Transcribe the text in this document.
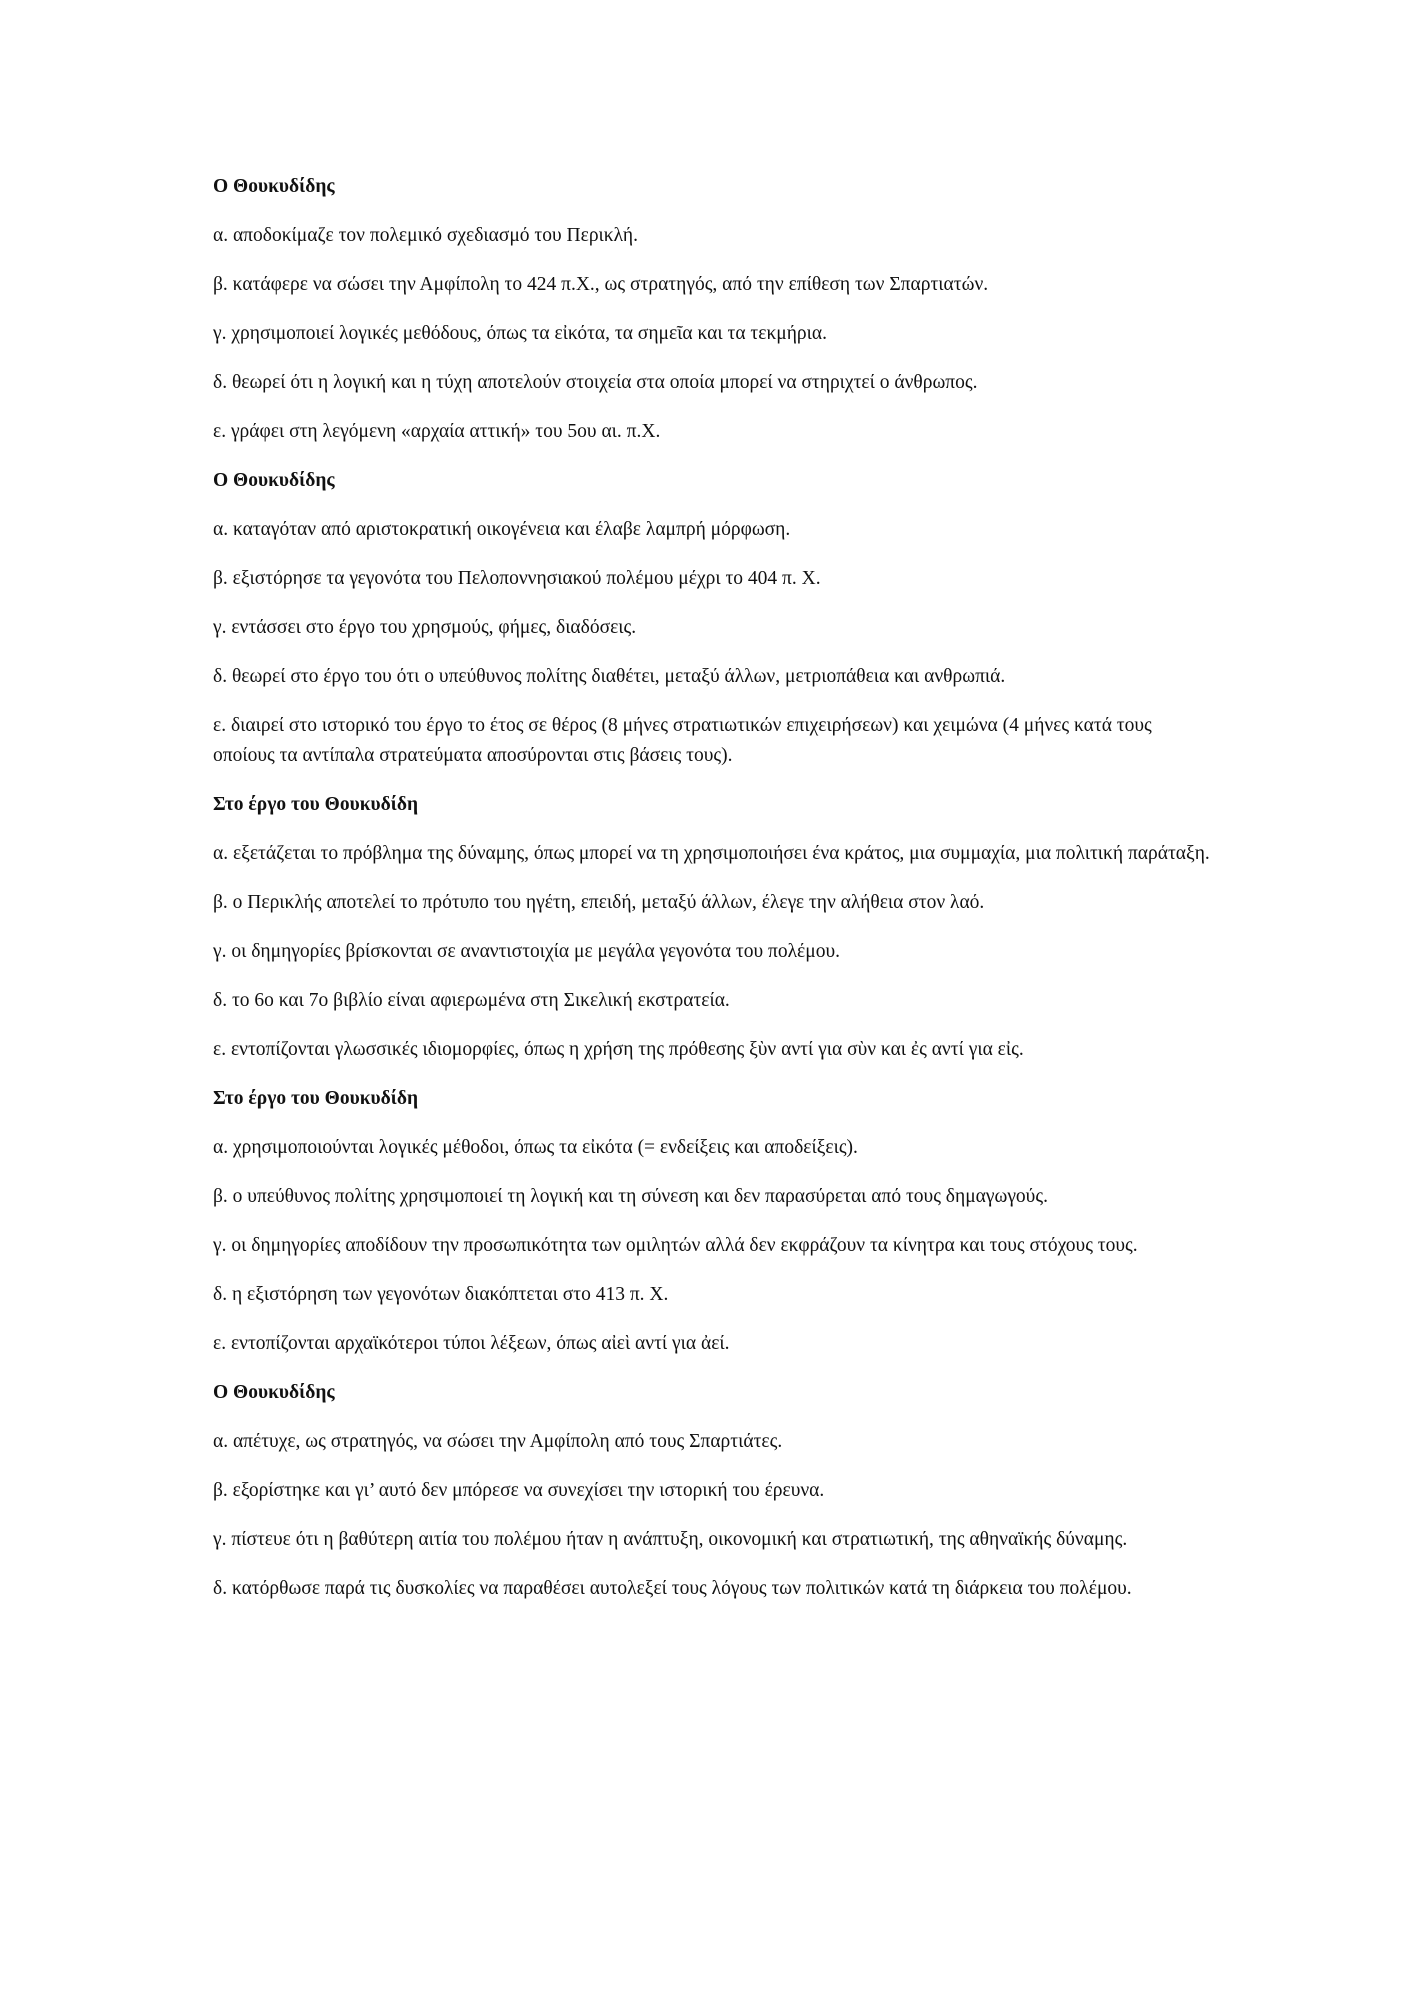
Ο Θουκυδίδης

α. αποδοκίμαζε τον πολεμικό σχεδιασμό του Περικλή.

β. κατάφερε να σώσει την Αμφίπολη το 424 π.Χ., ως στρατηγός, από την επίθεση των Σπαρτιατών.

γ. χρησιμοποιεί λογικές μεθόδους, όπως τα εἰκότα, τα σημεῖα και τα τεκμήρια.

δ. θεωρεί ότι η λογική και η τύχη αποτελούν στοιχεία στα οποία μπορεί να στηριχτεί ο άνθρωπος.

ε. γράφει στη λεγόμενη «αρχαία αττική» του 5ου αι. π.Χ.

Ο Θουκυδίδης

α. καταγόταν από αριστοκρατική οικογένεια και έλαβε λαμπρή μόρφωση.

β. εξιστόρησε τα γεγονότα του Πελοποννησιακού πολέμου μέχρι το 404 π. Χ.

γ. εντάσσει στο έργο του χρησμούς, φήμες, διαδόσεις.

δ. θεωρεί στο έργο του ότι ο υπεύθυνος πολίτης διαθέτει, μεταξύ άλλων, μετριοπάθεια και ανθρωπιά.

ε. διαιρεί στο ιστορικό του έργο το έτος σε θέρος (8 μήνες στρατιωτικών επιχειρήσεων) και χειμώνα (4 μήνες κατά τους οποίους τα αντίπαλα στρατεύματα αποσύρονται στις βάσεις τους).

Στο έργο του Θουκυδίδη

α. εξετάζεται το πρόβλημα της δύναμης, όπως μπορεί να τη χρησιμοποιήσει ένα κράτος, μια συμμαχία, μια πολιτική παράταξη.

β. ο Περικλής αποτελεί το πρότυπο του ηγέτη, επειδή, μεταξύ άλλων, έλεγε την αλήθεια στον λαό.

γ. οι δημηγορίες βρίσκονται σε αναντιστοιχία με μεγάλα γεγονότα του πολέμου.

δ. το 6ο και 7ο βιβλίο είναι αφιερωμένα στη Σικελική εκστρατεία.

ε. εντοπίζονται γλωσσικές ιδιομορφίες, όπως η χρήση της πρόθεσης ξὺν αντί για σὺν και ἐς αντί για εἰς.

Στο έργο του Θουκυδίδη

α. χρησιμοποιούνται λογικές μέθοδοι, όπως τα εἰκότα (= ενδείξεις και αποδείξεις).

β. ο υπεύθυνος πολίτης χρησιμοποιεί τη λογική και τη σύνεση και δεν παρασύρεται από τους δημαγωγούς.

γ. οι δημηγορίες αποδίδουν την προσωπικότητα των ομιλητών αλλά δεν εκφράζουν τα κίνητρα και τους στόχους τους.

δ. η εξιστόρηση των γεγονότων διακόπτεται στο 413 π. Χ.

ε. εντοπίζονται αρχαϊκότεροι τύποι λέξεων, όπως αἰεὶ αντί για ἀεί.

Ο Θουκυδίδης

α. απέτυχε, ως στρατηγός, να σώσει την Αμφίπολη από τους Σπαρτιάτες.

β. εξορίστηκε και γι’ αυτό δεν μπόρεσε να συνεχίσει την ιστορική του έρευνα.

γ. πίστευε ότι η βαθύτερη αιτία του πολέμου ήταν η ανάπτυξη, οικονομική και στρατιωτική, της αθηναϊκής δύναμης.

δ. κατόρθωσε παρά τις δυσκολίες να παραθέσει αυτολεξεί τους λόγους των πολιτικών κατά τη διάρκεια του πολέμου.
